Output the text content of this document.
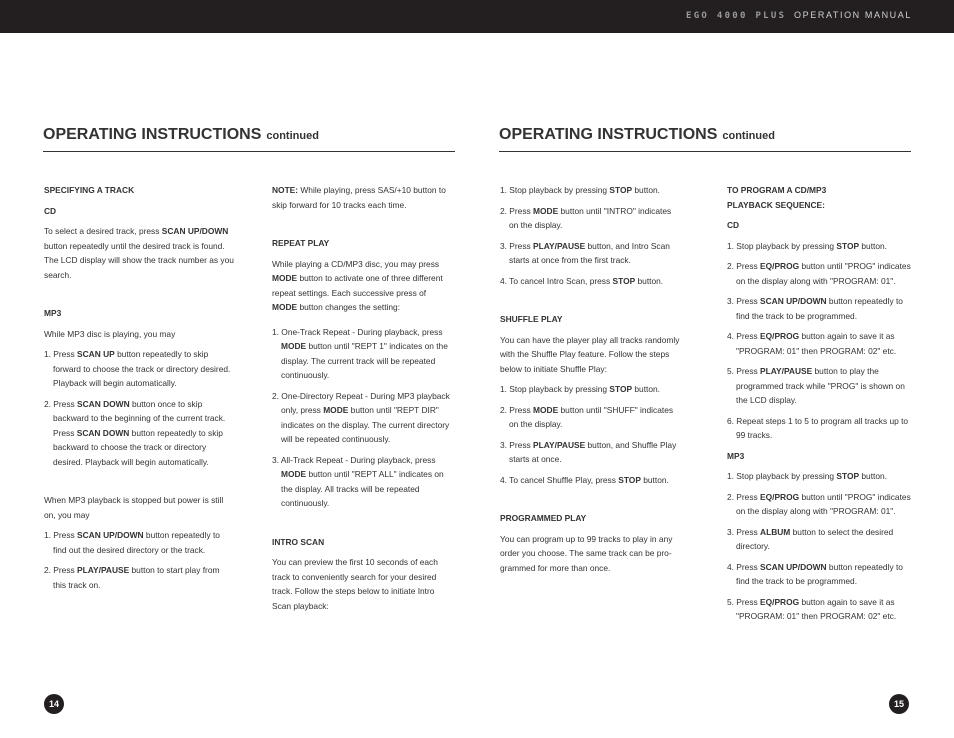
EGO 4000 PLUS OPERATION MANUAL
OPERATING INSTRUCTIONS continued

SPECIFYING A TRACK

CD

To select a desired track, press SCAN UP/DOWN button repeatedly until the desired track is found. The LCD display will show the track number as you search.

MP3

While MP3 disc is playing, you may

1. Press SCAN UP button repeatedly to skip forward to choose the track or directory desired. Playback will begin automatically.

2. Press SCAN DOWN button once to skip backward to the beginning of the current track. Press SCAN DOWN button repeatedly to skip backward to choose the track or directory desired. Playback will begin automatically.

When MP3 playback is stopped but power is still on, you may

1. Press SCAN UP/DOWN button repeatedly to find out the desired directory or the track.

2. Press PLAY/PAUSE button to start play from this track on.

NOTE: While playing, press SAS/+10 button to skip forward for 10 tracks each time.

REPEAT PLAY

While playing a CD/MP3 disc, you may press MODE button to activate one of three different repeat settings. Each successive press of MODE button changes the setting:

1. One-Track Repeat - During playback, press MODE button until "REPT 1" indicates on the display. The current track will be repeated continuously.

2. One-Directory Repeat - During MP3 playback only, press MODE button until "REPT DIR" indicates on the display. The current directory will be repeated continuously.

3. All-Track Repeat - During playback, press MODE button until "REPT ALL" indicates on the display. All tracks will be repeated continuously.

INTRO SCAN

You can preview the first 10 seconds of each track to conveniently search for your desired track. Follow the steps below to initiate Intro Scan playback:

14
OPERATING INSTRUCTIONS continued

1. Stop playback by pressing STOP button.

2. Press MODE button until "INTRO" indicates on the display.

3. Press PLAY/PAUSE button, and Intro Scan starts at once from the first track.

4. To cancel Intro Scan, press STOP button.

SHUFFLE PLAY

You can have the player play all tracks randomly with the Shuffle Play feature. Follow the steps below to initiate Shuffle Play:

1. Stop playback by pressing STOP button.

2. Press MODE button until "SHUFF" indicates on the display.

3. Press PLAY/PAUSE button, and Shuffle Play starts at once.

4. To cancel Shuffle Play, press STOP button.

PROGRAMMED PLAY

You can program up to 99 tracks to play in any order you choose. The same track can be pro- grammed for more than once.

TO PROGRAM A CD/MP3

PLAYBACK SEQUENCE:

CD

1. Stop playback by pressing STOP button.

2. Press EQ/PROG button until "PROG" indicates on the display along with "PROGRAM: 01".

3. Press SCAN UP/DOWN button repeatedly to find the track to be programmed.

4. Press EQ/PROG button again to save it as "PROGRAM: 01" then PROGRAM: 02" etc.

5. Press PLAY/PAUSE button to play the programmed track while "PROG" is shown on the LCD display.

6. Repeat steps 1 to 5 to program all tracks up to 99 tracks.

MP3

1. Stop playback by pressing STOP button.

2. Press EQ/PROG button until "PROG" indicates on the display along with "PROGRAM: 01".

3. Press ALBUM button to select the desired directory.

4. Press SCAN UP/DOWN button repeatedly to find the track to be programmed.

5. Press EQ/PROG button again to save it as "PROGRAM: 01" then PROGRAM: 02" etc.

15
